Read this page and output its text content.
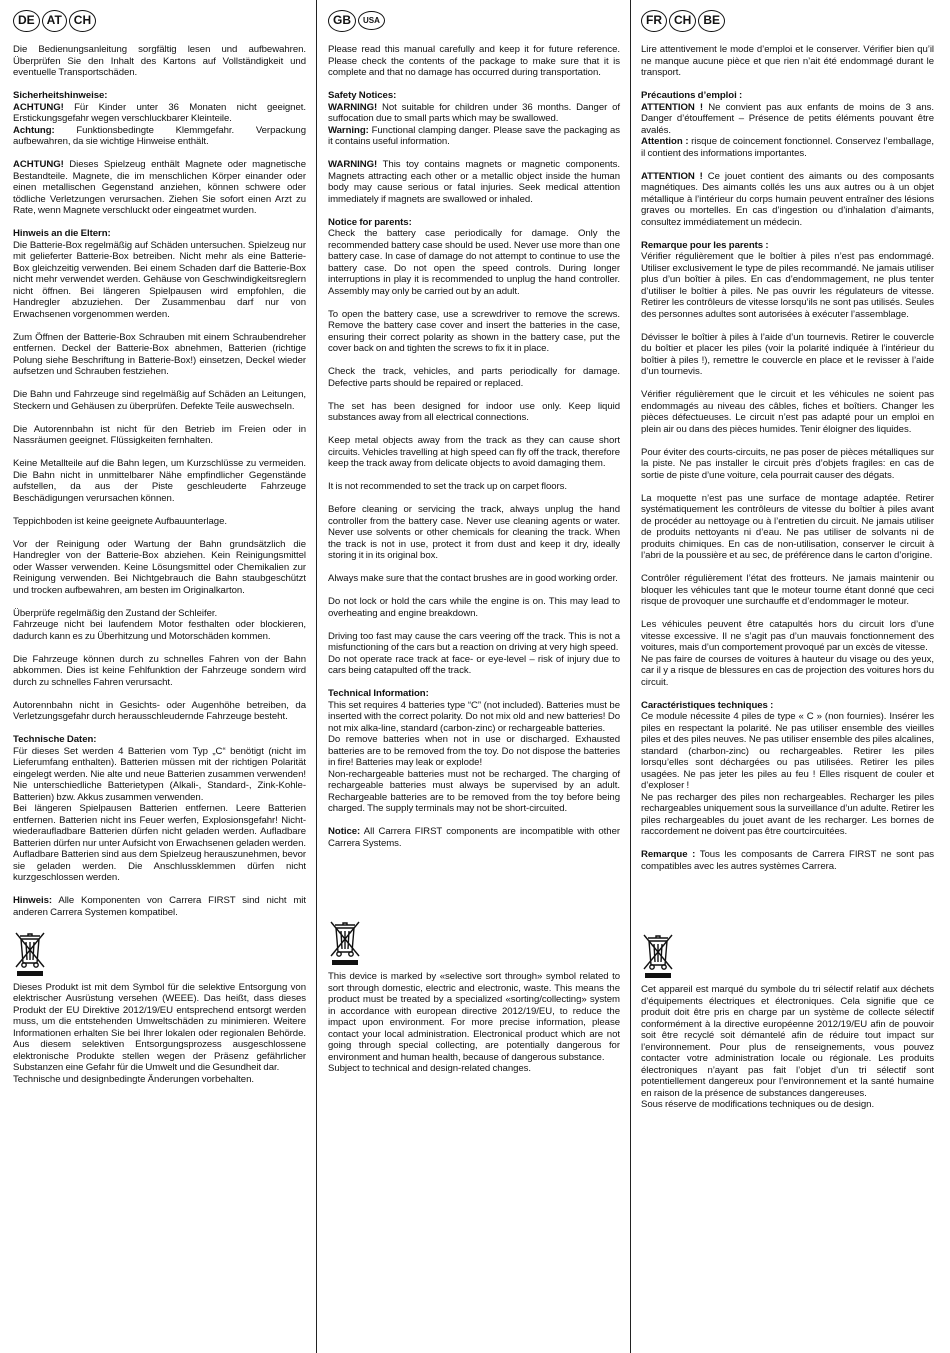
DE	AT	CH

Die Bedienungsanleitung sorgfältig lesen und aufbewahren. Überprüfen Sie den Inhalt des Kartons auf Vollständigkeit und eventuelle Transportschäden.

Sicherheitshinweise:
ACHTUNG! Für Kinder unter 36 Monaten nicht geeignet. Erstickungsgefahr wegen verschluckbarer Kleinteile.

Achtung: Funktionsbedingte Klemmgefahr. Verpackung aufbewahren, da sie wichtige Hinweise enthält.

ACHTUNG! Dieses Spielzeug enthält Magnete oder magnetische Bestandteile. Magnete, die im menschlichen Körper einander oder einen metallischen Gegenstand anziehen, können schwere oder tödliche Verletzungen verursachen. Ziehen Sie sofort einen Arzt zu Rate, wenn Magnete verschluckt oder eingeatmet wurden.

Hinweis an die Eltern:

Die Batterie-Box regelmäßig auf Schäden untersuchen. Spielzeug nur mit gelieferter Batterie-Box betreiben. Nicht mehr als eine Batterie-Box gleichzeitig verwenden. Bei einem Schaden darf die Batterie-Box nicht mehr verwendet werden. Gehäuse von Geschwindigkeitsreglern nicht öffnen. Bei längeren Spielpausen wird empfohlen, die Handregler abzuziehen. Der Zusammenbau darf nur von Erwachsenen vorgenommen werden.

Zum Öffnen der Batterie-Box Schrauben mit einem Schraubendreher entfernen. Deckel der Batterie-Box abnehmen, Batterien (richtige Polung siehe Beschriftung in Batterie-Box!) einsetzen, Deckel wieder aufsetzen und Schrauben festziehen.

Die Bahn und Fahrzeuge sind regelmäßig auf Schäden an Leitungen, Steckern und Gehäusen zu überprüfen. Defekte Teile auswechseln.

Die Autorennbahn ist nicht für den Betrieb im Freien oder in Nassräumen geeignet. Flüssigkeiten fernhalten.

Keine Metallteile auf die Bahn legen, um Kurzschlüsse zu vermeiden. Die Bahn nicht in unmittelbarer Nähe empfindlicher Gegenstände aufstellen, da aus der Piste geschleuderte Fahrzeuge Beschädigungen verursachen können.

Teppichboden ist keine geeignete Aufbauunterlage.

Vor der Reinigung oder Wartung der Bahn grundsätzlich die Handregler von der Batterie-Box abziehen. Kein Reinigungsmittel oder Wasser verwenden. Keine Lösungsmittel oder Chemikalien zur Reinigung verwenden. Bei Nichtgebrauch die Bahn staubgeschützt und trocken aufbewahren, am besten im Originalkarton.

Überprüfe regelmäßig den Zustand der Schleifer.

Fahrzeuge nicht bei laufendem Motor festhalten oder blockieren, dadurch kann es zu Überhitzung und Motorschäden kommen.

Die Fahrzeuge können durch zu schnelles Fahren von der Bahn abkommen. Dies ist keine Fehlfunktion der Fahrzeuge sondern wird durch zu schnelles Fahren verursacht.

Autorennbahn nicht in Gesichts- oder Augenhöhe betreiben, da Verletzungsgefahr durch herausschleudernde Fahrzeuge besteht.

Technische Daten:
Für dieses Set werden 4 Batterien vom Typ „C“ benötigt (nicht im Lieferumfang enthalten). Batterien müssen mit der richtigen Polarität eingelegt werden. Nie alte und neue Batterien zusammen verwenden! Nie unterschiedliche Batterietypen (Alkali-, Standard-, Zink-Kohle-Batterien) bzw. Akkus zusammen verwenden.

Bei längeren Spielpausen Batterien entfernen. Leere Batterien entfernen. Batterien nicht ins Feuer werfen, Explosionsgefahr! Nicht-wiederaufladbare Batterien dürfen nicht geladen werden. Aufladbare Batterien dürfen nur unter Aufsicht von Erwachsenen geladen werden. Aufladbare Batterien sind aus dem Spielzeug herauszunehmen, bevor sie geladen werden. Die Anschlussklemmen dürfen nicht kurzgeschlossen werden.

Hinweis: Alle Komponenten von Carrera FIRST sind nicht mit anderen Carrera Systemen kompatibel.

Dieses Produkt ist mit dem Symbol für die selektive Entsorgung von elektrischer Ausrüstung versehen (WEEE). Das heißt, dass dieses Produkt der EU Direktive 2012/19/EU entsprechend entsorgt werden muss, um die entstehenden Umweltschäden zu minimieren. Weitere Informationen erhalten Sie bei Ihrer lokalen oder regionalen Behörde. Aus diesem selektiven Entsorgungsprozess ausgeschlossene elektronische Produkte stellen wegen der Präsenz gefährlicher Substanzen eine Gefahr für die Umwelt und die Gesundheit dar.
Technische und designbedingte Änderungen vorbehalten.
GB	USA

Please read this manual carefully and keep it for future reference. Please check the contents of the package to make sure that it is complete and that no damage has occurred during transportation.

Safety Notices:
WARNING! Not suitable for children under 36 months. Danger of suffocation due to small parts which may be swallowed.

Warning: Functional clamping danger. Please save the packaging as it contains useful information.

WARNING! This toy contains magnets or magnetic components. Magnets attracting each other or a metallic object inside the human body may cause serious or fatal injuries. Seek medical attention immediately if magnets are swallowed or inhaled.

Notice for parents:

Check the battery case periodically for damage. Only the recommended battery case should be used. Never use more than one battery case. In case of damage do not attempt to continue to use the battery case. Do not open the speed controls. During longer interruptions in play it is recommended to unplug the hand controller. Assembly may only be carried out by an adult.

To open the battery case, use a screwdriver to remove the screws. Remove the battery case cover and insert the batteries in the case, ensuring their correct polarity as shown in the battery case, put the cover back on and tighten the screws to fix it in place.

Check the track, vehicles, and parts periodically for damage. Defective parts should be repaired or replaced.

The set has been designed for indoor use only. Keep liquid substances away from all electrical connections.

Keep metal objects away from the track as they can cause short circuits. Vehicles travelling at high speed can fly off the track, therefore keep the track away from delicate objects to avoid damaging them.

It is not recommended to set the track up on carpet floors.

Before cleaning or servicing the track, always unplug the hand controller from the battery case. Never use cleaning agents or water. Never use solvents or other chemicals for cleaning the track. When the track is not in use, protect it from dust and keep it dry, ideally storing it in its original box.

Always make sure that the contact brushes are in good working order.

Do not lock or hold the cars while the engine is on. This may lead to overheating and engine breakdown.

Driving too fast may cause the cars veering off the track. This is not a misfunctioning of the cars but a reaction on driving at very high speed.

Do not operate race track at face- or eye-level – risk of injury due to cars being catapulted off the track.

Technical Information:
This set requires 4 batteries type “C” (not included). Batteries must be inserted with the correct polarity. Do not mix old and new batteries! Do not mix alka-line, standard (carbon-zinc) or rechargeable batteries.
Do remove batteries when not in use or discharged. Exhausted batteries are to be removed from the toy. Do not dispose the batteries in fire! Batteries may leak or explode!

Non-rechargeable batteries must not be recharged. The charging of rechargeable batteries must always be supervised by an adult. Rechargeable batteries are to be removed from the toy before being charged. The supply terminals may not be short-circuited.

Notice: All Carrera FIRST components are incompatible with other Carrera Systems.

This device is marked by «selective sort through» symbol related to sort through domestic, electric and electronic, waste. This means the product must be treated by a specialized «sorting/collecting» system in accordance with european directive 2012/19/EU, to reduce the impact upon environment. For more precise information, please contact your local administration. Electronical product which are not going through special collecting, are potentially dangerous for environment and human health, because of dangerous substance.
Subject to technical and design-related changes.
FR	CH	BE

Lire attentivement le mode d’emploi et le conserver. Vérifier bien qu’il ne manque aucune pièce et que rien n’ait été endommagé durant le transport.

Précautions d’emploi :
ATTENTION ! Ne convient pas aux enfants de moins de 3 ans. Danger d’étouffement – Présence de petits éléments pouvant être avalés.

Attention : risque de coincement fonctionnel. Conservez l’emballage, il contient des informations importantes.

ATTENTION ! Ce jouet contient des aimants ou des composants magnétiques. Des aimants collés les uns aux autres ou à un objet métallique à l’intérieur du corps humain peuvent entraîner des lésions graves ou mortelles. En cas d’ingestion ou d’inhalation d’aimants, consultez immédiatement un médecin.

Remarque pour les parents :

Vérifier régulièrement que le boîtier à piles n’est pas endommagé. Utiliser exclusivement le type de piles recommandé. Ne jamais utiliser plus d’un boîtier à piles. En cas d’endommagement, ne plus tenter d’utiliser le boîtier à piles. Ne pas ouvrir les régulateurs de vitesse. Retirer les contrôleurs de vitesse lorsqu’ils ne sont pas utilisés. Seules des personnes adultes sont autorisées à exécuter l’assemblage.

Dévisser le boîtier à piles à l’aide d’un tournevis. Retirer le couvercle du boîtier et placer les piles (voir la polarité indiquée à l’intérieur du boîtier à piles !), remettre le couvercle en place et le revisser à l’aide d’un tournevis.

Vérifier régulièrement que le circuit et les véhicules ne soient pas endommagés au niveau des câbles, fiches et boîtiers. Changer les pièces défectueuses. Le circuit n’est pas adapté pour un emploi en plein air ou dans des pièces humides. Tenir éloigner des liquides.

Pour éviter des courts-circuits, ne pas poser de pièces métalliques sur la piste. Ne pas installer le circuit près d’objets fragiles: en cas de sortie de piste d’une voiture, cela pourrait causer des dégats.

La moquette n’est pas une surface de montage adaptée. Retirer systématiquement les contrôleurs de vitesse du boîtier à piles avant de procéder au nettoyage ou à l’entretien du circuit. Ne jamais utiliser de produits nettoyants ni d’eau. Ne pas utiliser de solvants ni de produits chimiques. En cas de non-utilisation, conserver le circuit à l’abri de la poussière et au sec, de préférence dans le carton d’origine.

Contrôler régulièrement l’état des frotteurs. Ne jamais maintenir ou bloquer les véhicules tant que le moteur tourne étant donné que ceci risque de provoquer une surchauffe et d’endommager le moteur.

Les véhicules peuvent être catapultés hors du circuit lors d’une vitesse excessive. Il ne s’agit pas d’un mauvais fonctionnement des voitures, mais d’un comportement provoqué par un excès de vitesse.

Ne pas faire de courses de voitures à hauteur du visage ou des yeux, car il y a risque de blessures en cas de projection des voitures hors du circuit.

Caractéristiques techniques :
Ce module nécessite 4 piles de type « C » (non fournies). Insérer les piles en respectant la polarité. Ne pas utiliser ensemble des vieilles piles et des piles neuves. Ne pas utiliser ensemble des piles alcalines, standard (charbon-zinc) ou rechargeables. Retirer les piles lorsqu’elles sont déchargées ou pas utilisées. Retirer les piles usagées. Ne pas jeter les piles au feu ! Elles risquent de couler et d’exploser !

Ne pas recharger des piles non rechargeables. Recharger les piles rechargeables uniquement sous la surveillance d’un adulte. Retirer les piles rechargeables du jouet avant de les recharger. Les bornes de raccordement ne doivent pas être courtcircuitées.

Remarque : Tous les composants de Carrera FIRST ne sont pas compatibles avec les autres systèmes Carrera.

Cet appareil est marqué du symbole du tri sélectif relatif aux déchets d’équipements électriques et électroniques. Cela signifie que ce produit doit être pris en charge par un système de collecte sélectif conformément à la directive européenne 2012/19/EU afin de pouvoir soit être recyclé soit démantelé afin de réduire tout impact sur l’environnement. Pour plus de renseignements, vous pouvez contacter votre administration locale ou régionale. Les produits électroniques n’ayant pas fait l’objet d’un tri sélectif sont potentiellement dangereux pour l’environnement et la santé humaine en raison de la présence de substances dangereuses.
Sous réserve de modifications techniques ou de design.
